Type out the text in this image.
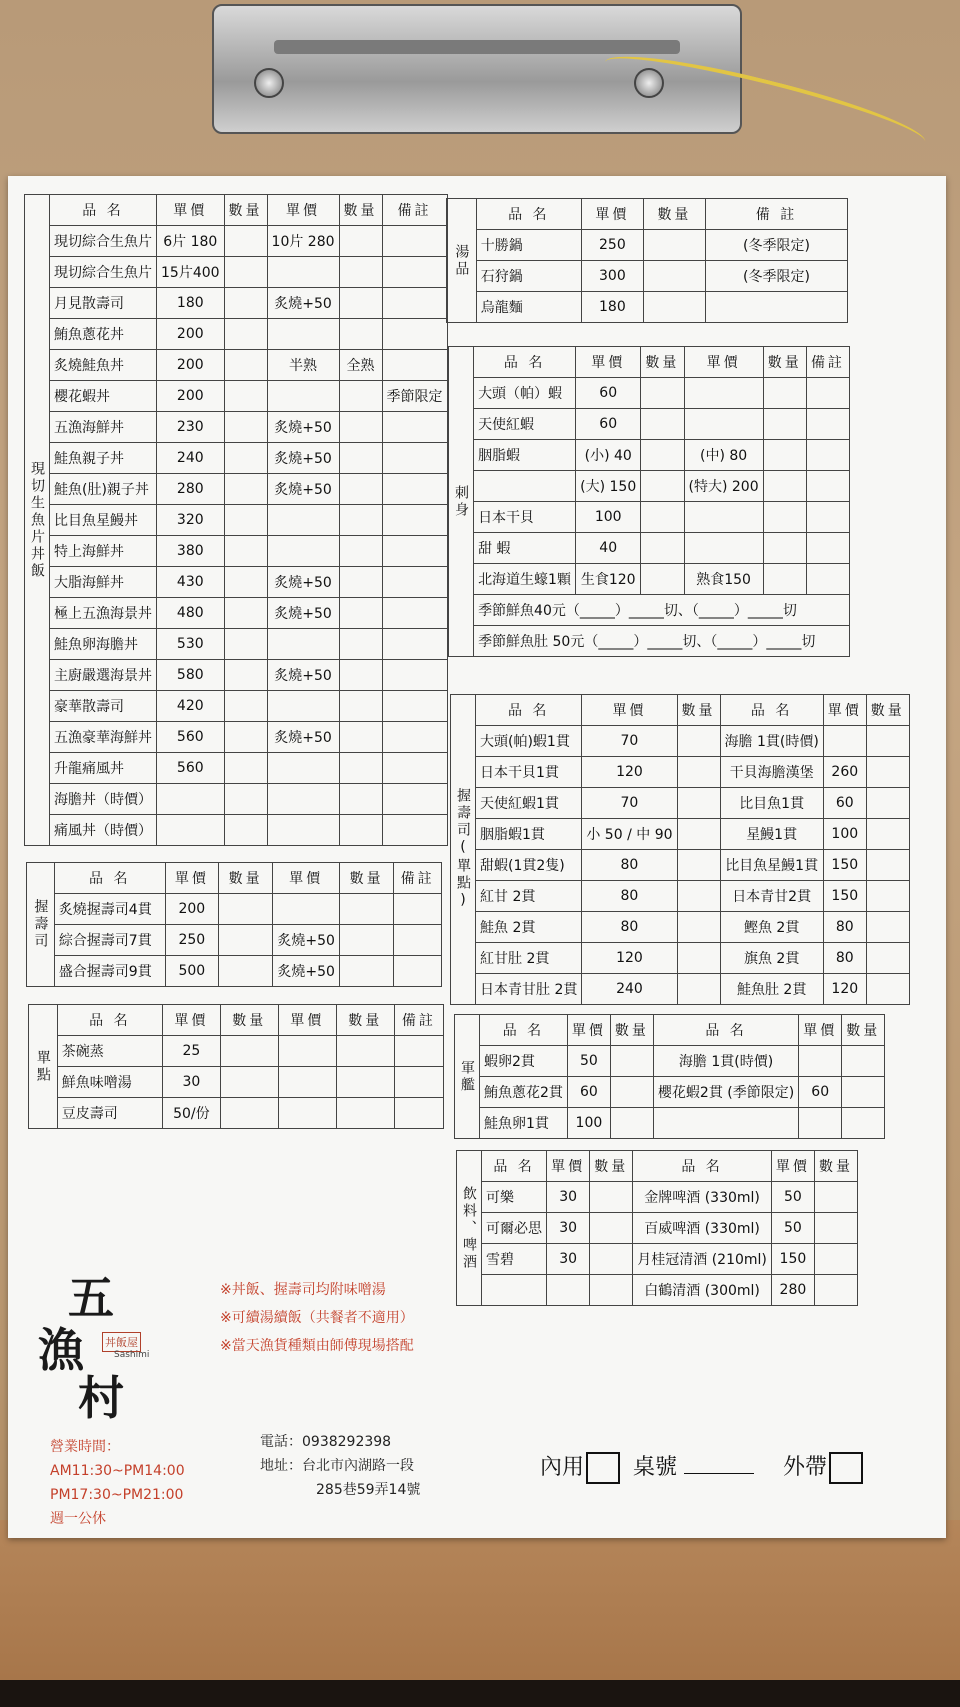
現切生魚片丼飯	品 名	單價	數量	單價	數量	備註
	現切綜合生魚片	6片 180		10片 280		
	現切綜合生魚片	15片400				
	月見散壽司	180		炙燒+50		
	鮪魚蔥花丼	200				
	炙燒鮭魚丼	200		半熟	全熟	
	櫻花蝦丼	200				季節限定
	五漁海鮮丼	230		炙燒+50		
	鮭魚親子丼	240		炙燒+50		
	鮭魚(肚)親子丼	280		炙燒+50		
	比目魚星鰻丼	320				
	特上海鮮丼	380				
	大脂海鮮丼	430		炙燒+50		
	極上五漁海景丼	480		炙燒+50		
	鮭魚卵海膽丼	530				
	主廚嚴選海景丼	580		炙燒+50		
	豪華散壽司	420				
	五漁豪華海鮮丼	560		炙燒+50		
	升龍痛風丼	560				
	海膽丼（時價）					
	痛風丼（時價）					
握壽司	品 名	單價	數量	單價	數量	備註
	炙燒握壽司4貫	200				
	綜合握壽司7貫	250		炙燒+50		
	盛合握壽司9貫	500		炙燒+50		
單點	品 名	單價	數量	單價	數量	備註
	茶碗蒸	25				
	鮮魚味噌湯	30				
	豆皮壽司	50/份				
湯品	品 名	單價	數量	備 註
	十勝鍋	250		(冬季限定)
	石狩鍋	300		(冬季限定)
	烏龍麵	180		
刺身	品 名	單價	數量	單價	數量	備註
	大頭（帕）蝦	60				
	天使紅蝦	60				
	胭脂蝦	(小) 40		(中) 80		
		(大) 150		(特大) 200		
	日本干貝	100				
	甜 蝦	40				
	北海道生蠔1顆	生食120		熟食150		
	季節鮮魚40元（_____）_____切、（_____）_____切					
	季節鮮魚肚 50元（_____）_____切、（_____）_____切					
握壽司(單點)	品 名	單價	數量	品 名	單價	數量
	大頭(帕)蝦1貫	70		海膽 1貫(時價)		
	日本干貝1貫	120		干貝海膽漢堡	260	
	天使紅蝦1貫	70		比目魚1貫	60	
	胭脂蝦1貫	小 50 / 中 90		星鰻1貫	100	
	甜蝦(1貫2隻)	80		比目魚星鰻1貫	150	
	紅甘 2貫	80		日本青甘2貫	150	
	鮭魚 2貫	80		鰹魚 2貫	80	
	紅甘肚 2貫	120		旗魚 2貫	80	
	日本青甘肚 2貫	240		鮭魚肚 2貫	120	
軍艦	品 名	單價	數量	品 名	單價	數量
	蝦卵2貫	50		海膽 1貫(時價)		
	鮪魚蔥花2貫	60		櫻花蝦2貫 (季節限定)	60	
	鮭魚卵1貫	100				
飲料、啤酒	品 名	單價	數量	品 名	單價	數量
	可樂	30		金牌啤酒 (330ml)	50	
	可爾必思	30		百威啤酒 (330ml)	50	
	雪碧	30		月桂冠清酒 (210ml)	150	
				白鶴清酒 (300ml)	280	
五
漁
村
丼飯屋
Sashimi
※丼飯、握壽司均附味噌湯
※可續湯續飯（共餐者不適用）
※當天漁貨種類由師傅現場搭配
營業時間：
AM11:30~PM14:00
PM17:30~PM21:00
週一公休
電話：0938292398
地址：台北市內湖路一段
285巷59弄14號
內用 桌號	外帶
